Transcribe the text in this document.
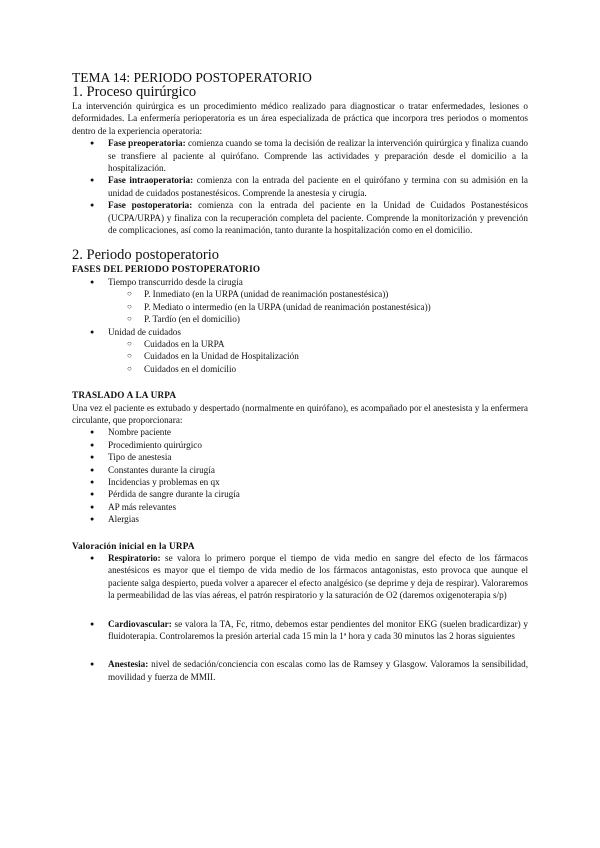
TEMA 14: PERIODO POSTOPERATORIO
1. Proceso quirúrgico

La intervención quirúrgica es un procedimiento médico realizado para diagnosticar o tratar enfermedades, lesiones o deformidades. La enfermería perioperatoria es un área especializada de práctica que incorpora tres periodos o momentos dentro de la experiencia operatoria:

● Fase preoperatoria: comienza cuando se toma la decisión de realizar la intervención quirúrgica y finaliza cuando se transfiere al paciente al quirófano. Comprende las actividades y preparación desde el domicilio a la hospitalización.
● Fase intraoperatoria: comienza con la entrada del paciente en el quirófano y termina con su admisión en la unidad de cuidados postanestésicos. Comprende la anestesia y cirugía.
● Fase postoperatoria: comienza con la entrada del paciente en la Unidad de Cuidados Postanestésicos (UCPA/URPA) y finaliza con la recuperación completa del paciente. Comprende la monitorización y prevención de complicaciones, así como la reanimación, tanto durante la hospitalización como en el domicilio.
2. Periodo postoperatorio

FASES DEL PERIODO POSTOPERATORIO

● Tiempo transcurrido desde la cirugía
○ P. Inmediato (en la URPA (unidad de reanimación postanestésica))
○ P. Mediato o intermedio (en la URPA (unidad de reanimación postanestésica))
○ P. Tardío (en el domicilio)
● Unidad de cuidados
○ Cuidados en la URPA
○ Cuidados en la Unidad de Hospitalización
○ Cuidados en el domicilio

TRASLADO A LA URPA

Una vez el paciente es extubado y despertado (normalmente en quirófano), es acompañado por el anestesista y la enfermera circulante, que proporcionara:

● Nombre paciente
● Procedimiento quirúrgico
● Tipo de anestesia
● Constantes durante la cirugía
● Incidencias y problemas en qx
● Pérdida de sangre durante la cirugía
● AP más relevantes
● Alergias

Valoración inicial en la URPA

● Respiratorio: se valora lo primero porque el tiempo de vida medio en sangre del efecto de los fármacos anestésicos es mayor que el tiempo de vida medio de los fármacos antagonistas, esto provoca que aunque el paciente salga despierto, pueda volver a aparecer el efecto analgésico (se deprime y deja de respirar). Valoraremos la permeabilidad de las vías aéreas, el patrón respiratorio y la saturación de O2 (daremos oxigenoterapia s/p)
● Cardiovascular: se valora la TA, Fc, ritmo, debemos estar pendientes del monitor EKG (suelen bradicardizar) y fluidoterapia. Controlaremos la presión arterial cada 15 min la 1ª hora y cada 30 minutos las 2 horas siguientes
● Anestesia: nivel de sedación/conciencia con escalas como las de Ramsey y Glasgow. Valoramos la sensibilidad, movilidad y fuerza de MMII.
